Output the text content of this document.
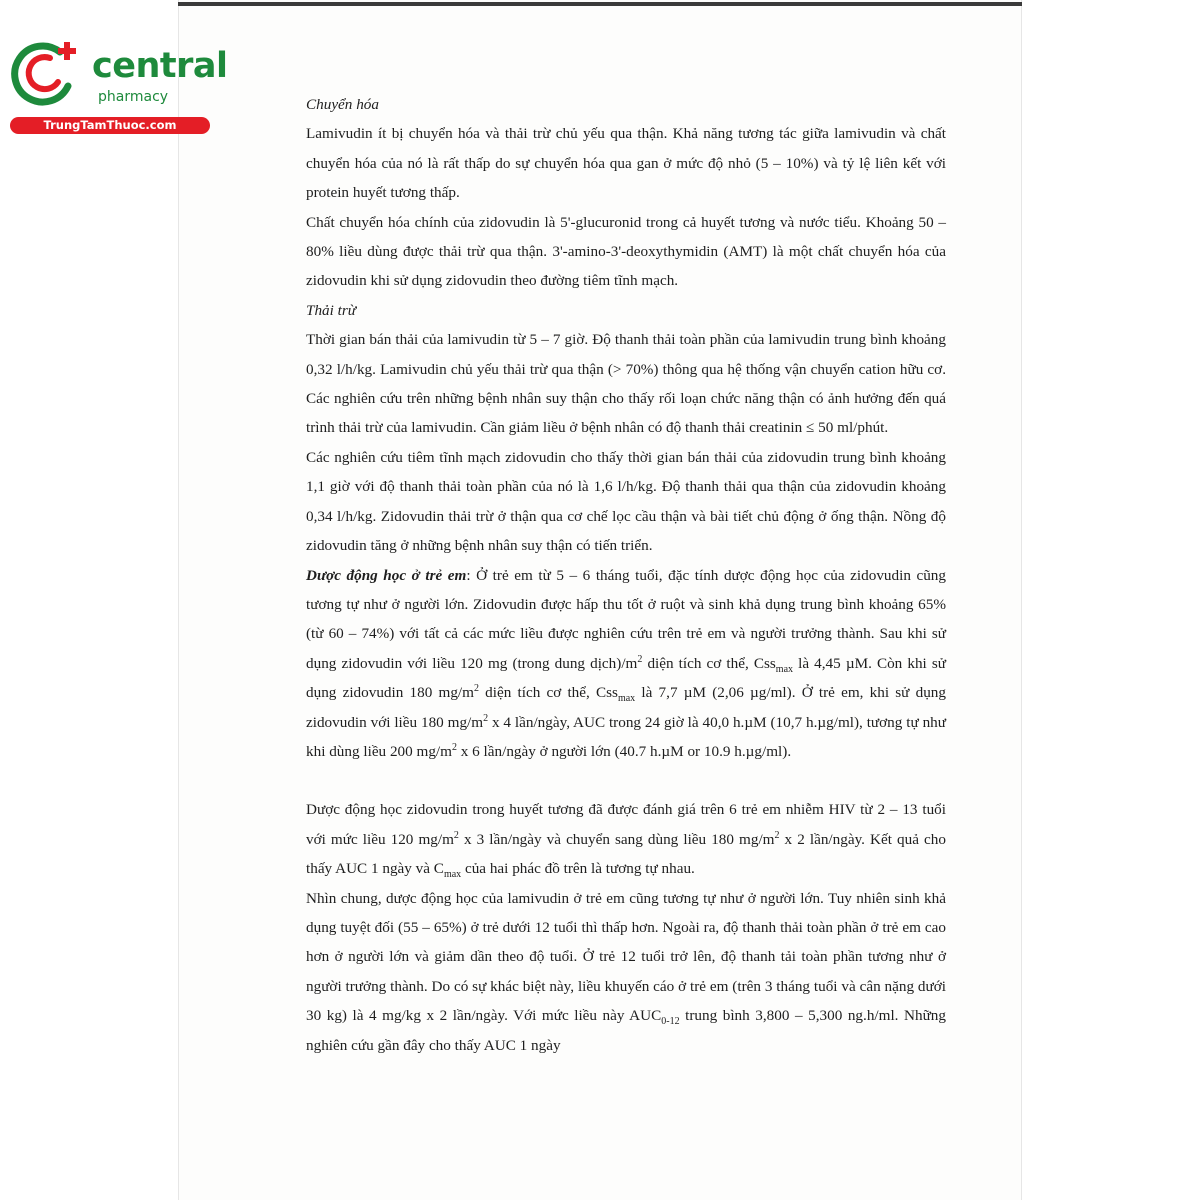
central
pharmacy
TrungTamThuoc.com

Chuyển hóa

Lamivudin ít bị chuyển hóa và thải trừ chủ yếu qua thận. Khả năng tương tác giữa lamivudin và chất chuyển hóa của nó là rất thấp do sự chuyển hóa qua gan ở mức độ nhỏ (5 – 10%) và tỷ lệ liên kết với protein huyết tương thấp.

Chất chuyển hóa chính của zidovudin là 5'-glucuronid trong cả huyết tương và nước tiểu. Khoảng 50 – 80% liều dùng được thải trừ qua thận. 3'-amino-3'-deoxythymidin (AMT) là một chất chuyển hóa của zidovudin khi sử dụng zidovudin theo đường tiêm tĩnh mạch.

Thải trừ

Thời gian bán thải của lamivudin từ 5 – 7 giờ. Độ thanh thải toàn phần của lamivudin trung bình khoảng 0,32 l/h/kg. Lamivudin chủ yếu thải trừ qua thận (> 70%) thông qua hệ thống vận chuyển cation hữu cơ. Các nghiên cứu trên những bệnh nhân suy thận cho thấy rối loạn chức năng thận có ảnh hưởng đến quá trình thải trừ của lamivudin. Cần giảm liều ở bệnh nhân có độ thanh thải creatinin ≤ 50 ml/phút.

Các nghiên cứu tiêm tĩnh mạch zidovudin cho thấy thời gian bán thải của zidovudin trung bình khoảng 1,1 giờ với độ thanh thải toàn phần của nó là 1,6 l/h/kg. Độ thanh thải qua thận của zidovudin khoảng 0,34 l/h/kg. Zidovudin thải trừ ở thận qua cơ chế lọc cầu thận và bài tiết chủ động ở ống thận. Nồng độ zidovudin tăng ở những bệnh nhân suy thận có tiến triển.

Dược động học ở trẻ em: Ở trẻ em từ 5 – 6 tháng tuổi, đặc tính dược động học của zidovudin cũng tương tự như ở người lớn. Zidovudin được hấp thu tốt ở ruột và sinh khả dụng trung bình khoảng 65% (từ 60 – 74%) với tất cả các mức liều được nghiên cứu trên trẻ em và người trưởng thành. Sau khi sử dụng zidovudin với liều 120 mg (trong dung $dịch)/m^2$ diện tích cơ thể, Css$_{max}$ là 4,45 µM. Còn khi sử dụng zidovudin 180 $mg/m^2$ diện tích cơ thể, Css$_{max}$ là 7,7 µM (2,06 µg/ml). Ở trẻ em, khi sử dụng zidovudin với liều 180 $mg/m^2$ x 4 lần/ngày, AUC trong 24 giờ là 40,0 h.µM (10,7 h.µg/ml), tương tự như khi dùng liều 200 $mg/m^2$ x 6 lần/ngày ở người lớn (40.7 h.µM or 10.9 h.µg/ml).

Dược động học zidovudin trong huyết tương đã được đánh giá trên 6 trẻ em nhiễm HIV từ 2 – 13 tuổi với mức liều 120 $mg/m^2$ x 3 lần/ngày và chuyển sang dùng liều 180 $mg/m^2$ x 2 lần/ngày. Kết quả cho thấy AUC 1 ngày và $C_{max}$ của hai phác đồ trên là tương tự nhau.

Nhìn chung, dược động học của lamivudin ở trẻ em cũng tương tự như ở người lớn. Tuy nhiên sinh khả dụng tuyệt đối (55 – 65%) ở trẻ dưới 12 tuổi thì thấp hơn. Ngoài ra, độ thanh thải toàn phần ở trẻ em cao hơn ở người lớn và giảm dần theo độ tuổi. Ở trẻ 12 tuổi trở lên, độ thanh tải toàn phần tương như ở người trưởng thành. Do có sự khác biệt này, liều khuyến cáo ở trẻ em (trên 3 tháng tuổi và cân nặng dưới 30 kg) là 4 mg/kg x 2 lần/ngày. Với mức liều này $AUC_{0-12}$ trung bình 3,800 – 5,300 ng.h/ml. Những nghiên cứu gần đây cho thấy AUC 1 ngày
